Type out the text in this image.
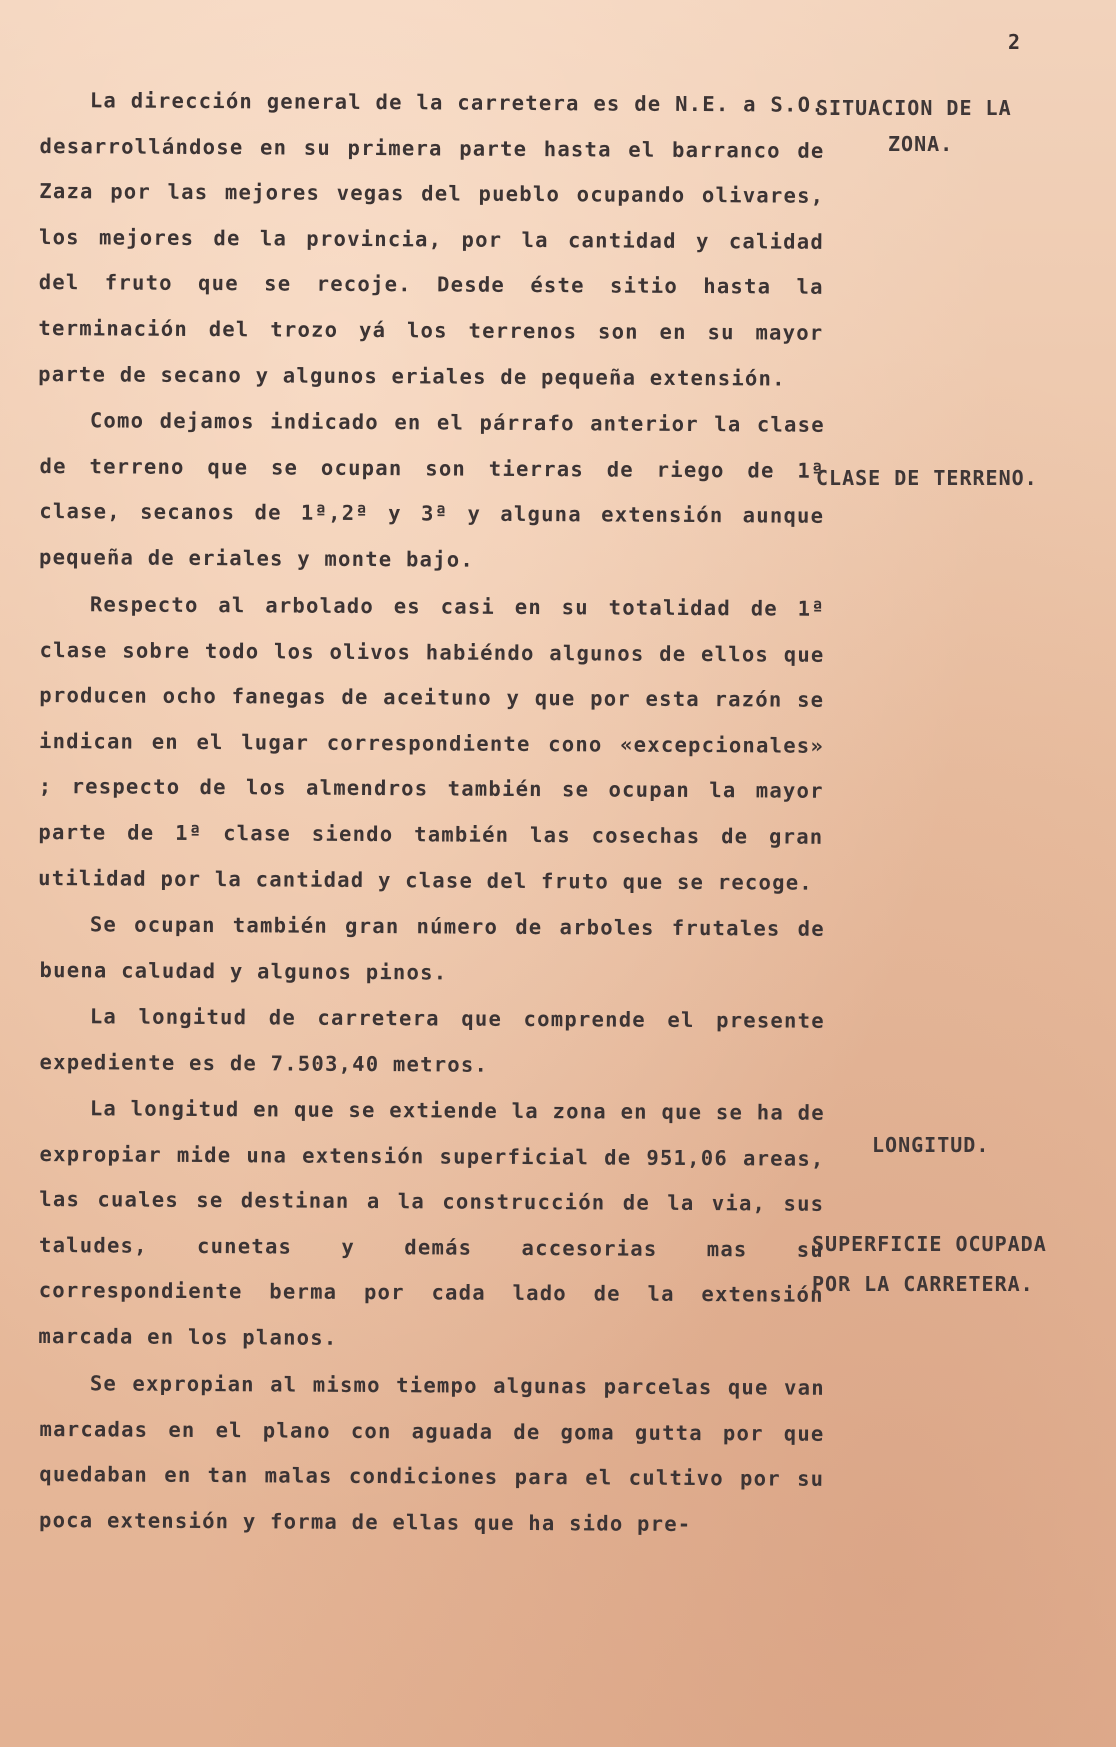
2

La dirección general de la carretera es de N.E. a S.O. desarrollándose en su primera parte hasta el barranco de Zaza por las mejores vegas del pueblo ocupando olivares, los mejores de la provincia, por la cantidad y calidad del fruto que se recoje. Desde éste sitio hasta la terminación del trozo yá los terrenos son en su mayor parte de secano y algunos eriales de pequeña extensión.

Como dejamos indicado en el párrafo anterior la clase de terreno que se ocupan son tierras de riego de 1ª clase, secanos de 1ª,2ª y 3ª y alguna extensión aunque pequeña de eriales y monte bajo.

Respecto al arbolado es casi en su totalidad de 1ª clase sobre todo los olivos habiéndo algunos de ellos que producen ocho fanegas de aceituno y que por esta razón se indican en el lugar correspondiente cono «excepcionales» ; respecto de los almendros también se ocupan la mayor parte de 1ª clase siendo también las cosechas de gran utilidad por la cantidad y clase del fruto que se recoge.

Se ocupan también gran número de arboles frutales de buena caludad y algunos pinos.

La longitud de carretera que comprende el presente expediente es de 7.503,40 metros.

La longitud en que se extiende la zona en que se ha de expropiar mide una extensión superficial de 951,06 areas, las cuales se destinan a la construcción de la via, sus taludes, cunetas y demás accesorias mas su correspondiente berma por cada lado de la extensión marcada en los planos.

Se expropian al mismo tiempo algunas parcelas que van marcadas en el plano con aguada de goma gutta por que quedaban en tan malas condiciones para el cultivo por su poca extensión y forma de ellas que ha sido pre-

SITUACION DE LA
ZONA.
CLASE DE TERRENO.
LONGITUD.
SUPERFICIE OCUPADA
POR LA CARRETERA.
